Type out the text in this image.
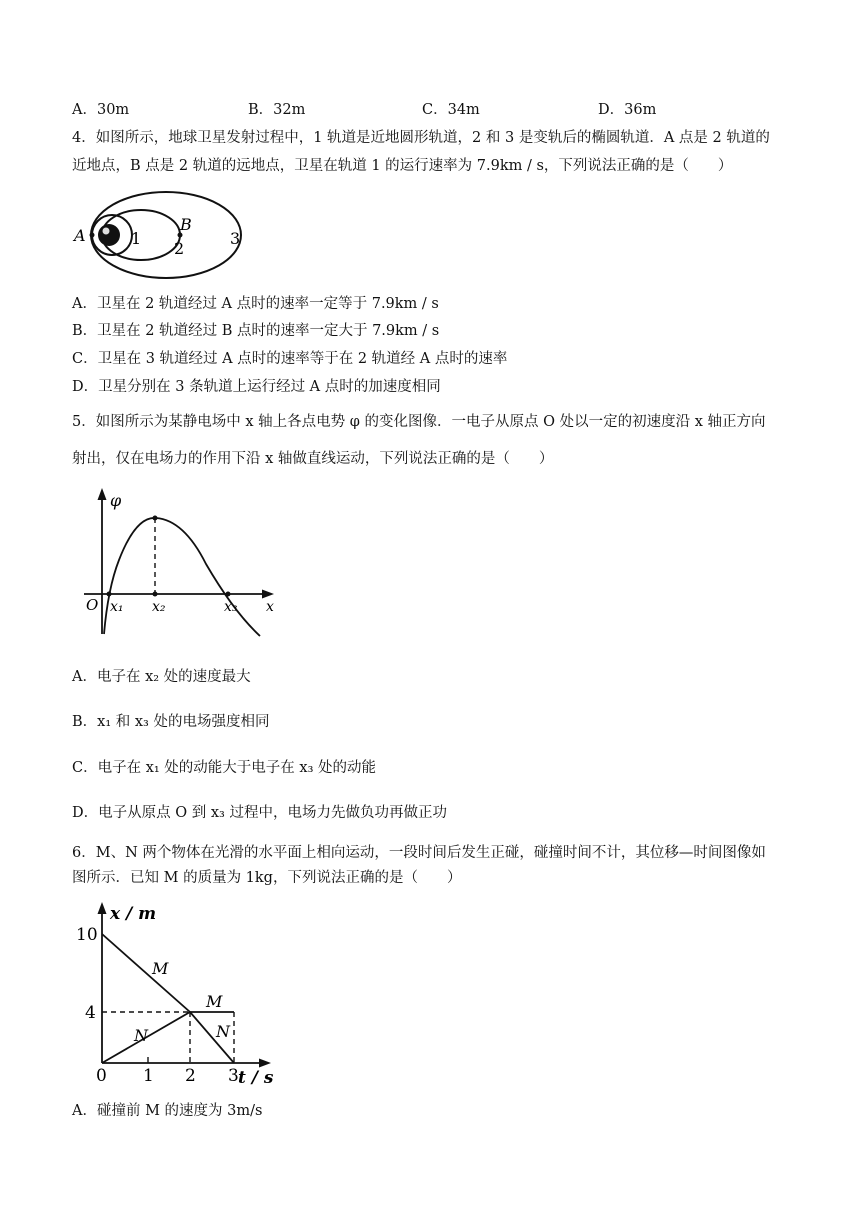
A．30m	B．32m	C．34m	D．36m
4．如图所示，地球卫星发射过程中，1 轨道是近地圆形轨道，2 和 3 是变轨后的椭圆轨道．A 点是 2 轨道的
近地点，B 点是 2 轨道的远地点，卫星在轨道 1 的运行速率为 7.9km / s，下列说法正确的是（　　）
A
B
1
2
3
A．卫星在 2 轨道经过 A 点时的速率一定等于 7.9km / s
B．卫星在 2 轨道经过 B 点时的速率一定大于 7.9km / s
C．卫星在 3 轨道经过 A 点时的速率等于在 2 轨道经 A 点时的速率
D．卫星分别在 3 条轨道上运行经过 A 点时的加速度相同
5．如图所示为某静电场中 x 轴上各点电势 φ 的变化图像．一电子从原点 O 处以一定的初速度沿 x 轴正方向
射出，仅在电场力的作用下沿 x 轴做直线运动，下列说法正确的是（　　）
φ
O x₁ x₂	x₃ x
A．电子在 x₂ 处的速度最大
B．x₁ 和 x₃ 处的电场强度相同
C．电子在 x₁ 处的动能大于电子在 x₃ 处的动能
D．电子从原点 O 到 x₃ 过程中，电场力先做负功再做正功
6．M、N 两个物体在光滑的水平面上相向运动，一段时间后发生正碰，碰撞时间不计，其位移—时间图像如
图所示．已知 M 的质量为 1kg，下列说法正确的是（　　）
x / m
t / s
10
4
0 1 2 3
M
M
N	N
A．碰撞前 M 的速度为 3m/s
